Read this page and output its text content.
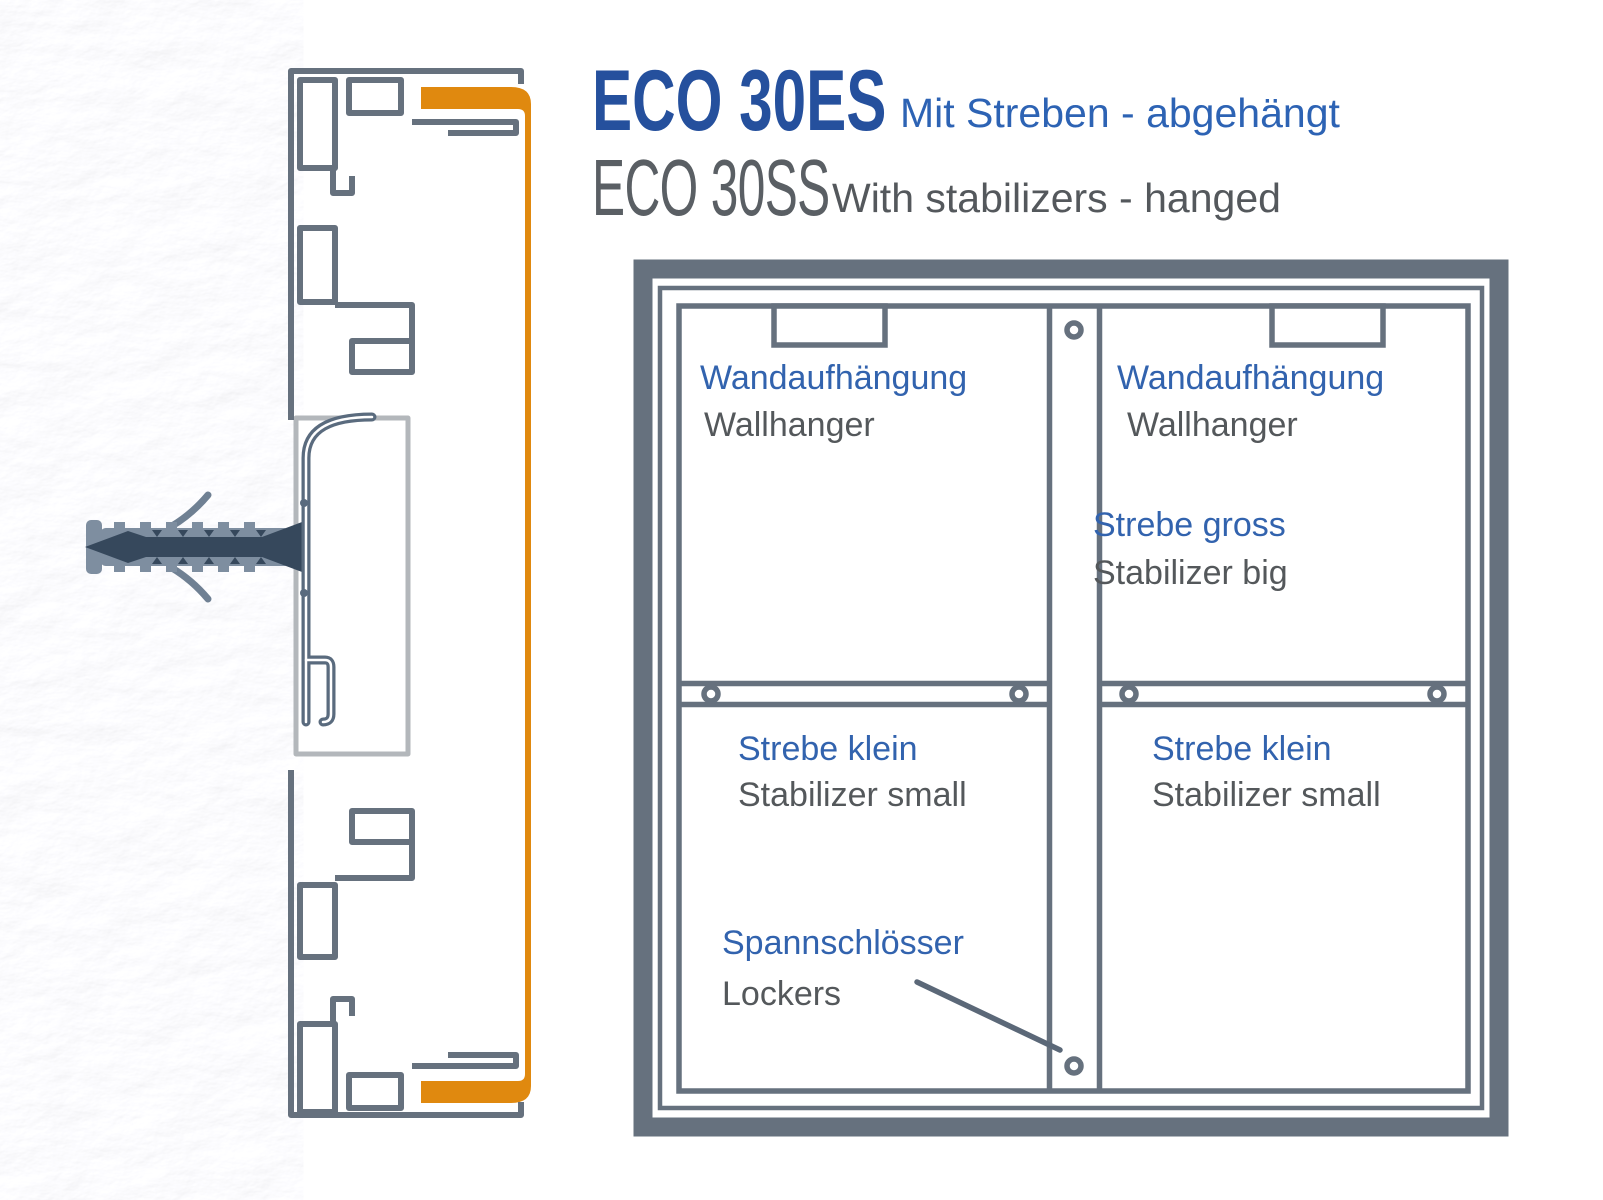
ECO 30ES Mit Streben - abgehängt
ECO 30SS With stabilizers - hanged
Wandaufhängung
Wallhanger
Strebe klein
Stabilizer small
Spannschlösser
Lockers
Wandaufhängung
Wallhanger
Strebe gross
Stabilizer big
Strebe klein
Stabilizer small
